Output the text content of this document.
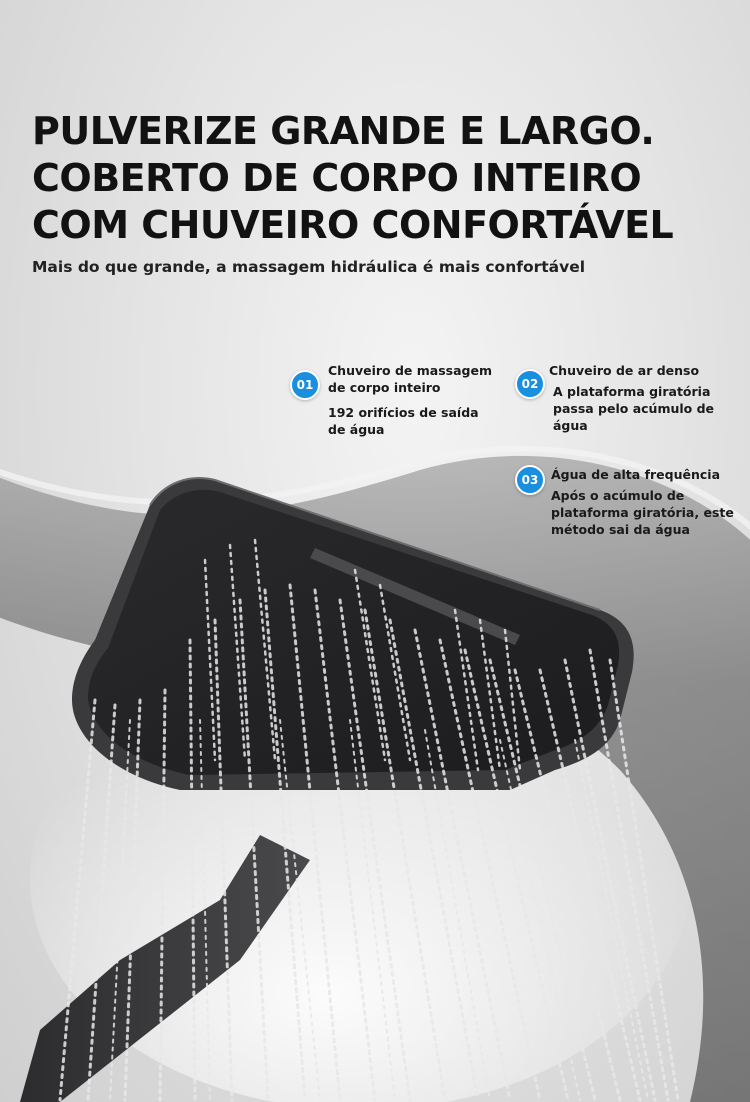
PULVERIZE GRANDE E LARGO.
COBERTO DE CORPO INTEIRO
COM CHUVEIRO CONFORTÁVEL

Mais do que grande, a massagem hidráulica é mais confortável

01
Chuveiro de massagem
de corpo inteiro
192 orifícios de saída
de água
02
Chuveiro de ar denso
A plataforma giratória
passa pelo acúmulo de água
03	Água de alta frequência
Após o acúmulo de
plataforma giratória, este
método sai da água
